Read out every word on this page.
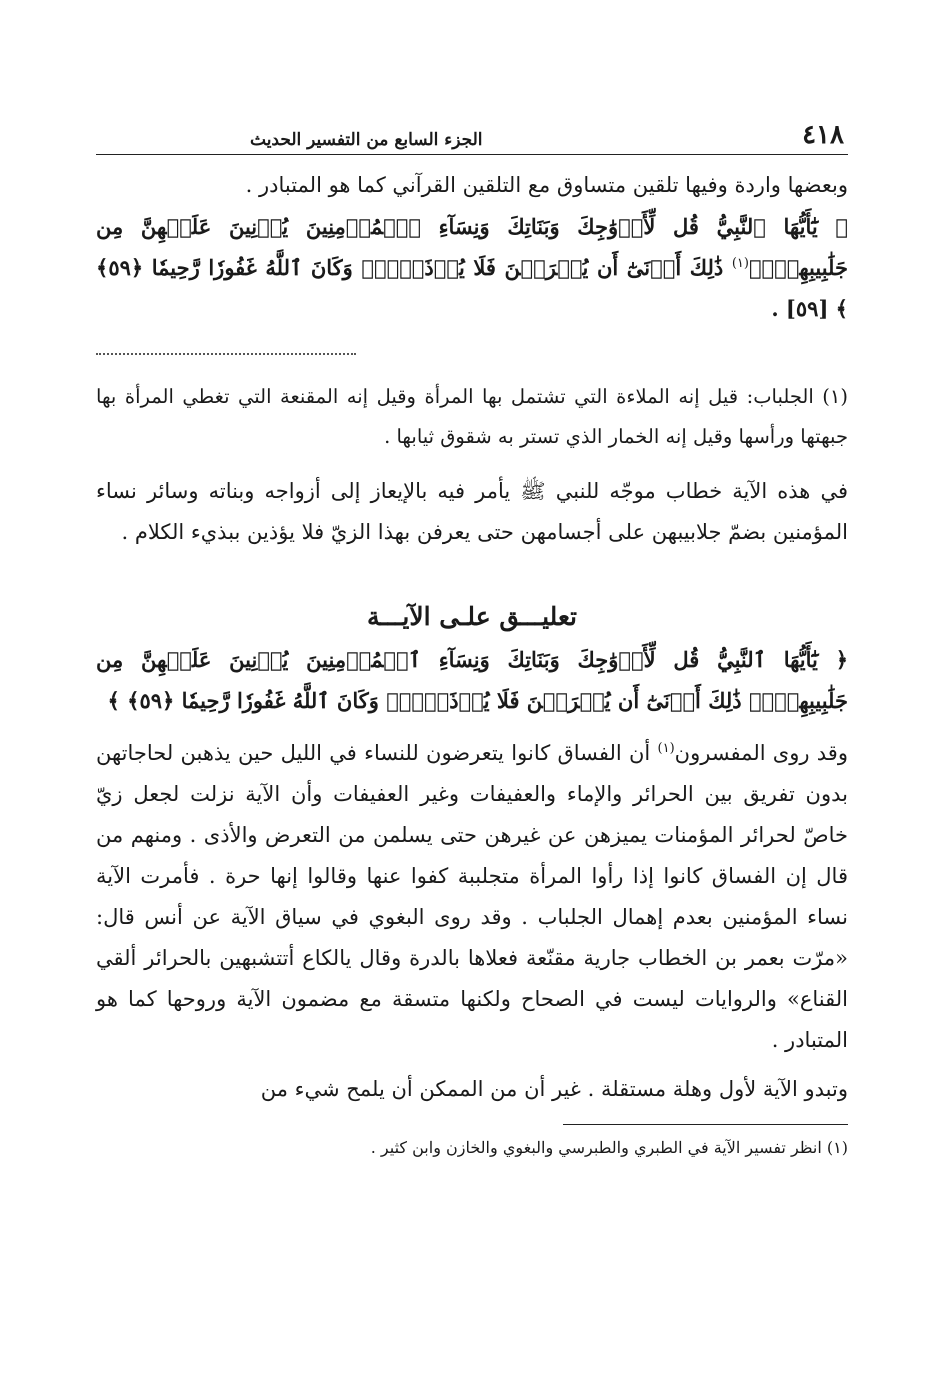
٤١٨
الجزء السابع من التفسير الحديث

وبعضها واردة وفيها تلقين متساوق مع التلقين القرآني كما هو المتبادر .

﴿ يَٰٓأَيُّهَا ٱلنَّبِيُّ قُل لِّأَزۡوَٰجِكَ وَبَنَاتِكَ وَنِسَآءِ ٱلۡمُؤۡمِنِينَ يُدۡنِينَ عَلَيۡهِنَّ مِن جَلَٰبِيبِهِنَّۚ$^{(١)}$ ذَٰلِكَ أَدۡنَىٰٓ أَن يُعۡرَفۡنَ فَلَا يُؤۡذَيۡنَۗ وَكَانَ ٱللَّهُ غَفُورٗا رَّحِيمٗا ﴿٥٩﴾ ﴾ [٥٩] .

(١) الجلباب: قيل إنه الملاءة التي تشتمل بها المرأة وقيل إنه المقنعة التي تغطي المرأة بها جبهتها ورأسها وقيل إنه الخمار الذي تستر به شقوق ثيابها .

في هذه الآية خطاب موجّه للنبي ﷺ يأمر فيه بالإيعاز إلى أزواجه وبناته وسائر نساء المؤمنين بضمّ جلابيبهن على أجسامهن حتى يعرفن بهذا الزيّ فلا يؤذين ببذيء الكلام .

تعليـــق علـى الآيـــة

﴿ يَٰٓأَيُّهَا ٱلنَّبِيُّ قُل لِّأَزۡوَٰجِكَ وَبَنَاتِكَ وَنِسَآءِ ٱلۡمُؤۡمِنِينَ يُدۡنِينَ عَلَيۡهِنَّ مِن جَلَٰبِيبِهِنَّۚ ذَٰلِكَ أَدۡنَىٰٓ أَن يُعۡرَفۡنَ فَلَا يُؤۡذَيۡنَۗ وَكَانَ ٱللَّهُ غَفُورٗا رَّحِيمٗا ﴿٥٩﴾ ﴾

وقد روى المفسرون$^{(١)}$ أن الفساق كانوا يتعرضون للنساء في الليل حين يذهبن لحاجاتهن بدون تفريق بين الحرائر والإماء والعفيفات وغير العفيفات وأن الآية نزلت لجعل زيّ خاصّ لحرائر المؤمنات يميزهن عن غيرهن حتى يسلمن من التعرض والأذى . ومنهم من قال إن الفساق كانوا إذا رأوا المرأة متجلببة كفوا عنها وقالوا إنها حرة . فأمرت الآية نساء المؤمنين بعدم إهمال الجلباب . وقد روى البغوي في سياق الآية عن أنس قال: «مرّت بعمر بن الخطاب جارية مقنّعة فعلاها بالدرة وقال يالكاع أتتشبهين بالحرائر ألقي القناع» والروايات ليست في الصحاح ولكنها متسقة مع مضمون الآية وروحها كما هو المتبادر .

وتبدو الآية لأول وهلة مستقلة . غير أن من الممكن أن يلمح شيء من

(١) انظر تفسير الآية في الطبري والطبرسي والبغوي والخازن وابن كثير .
